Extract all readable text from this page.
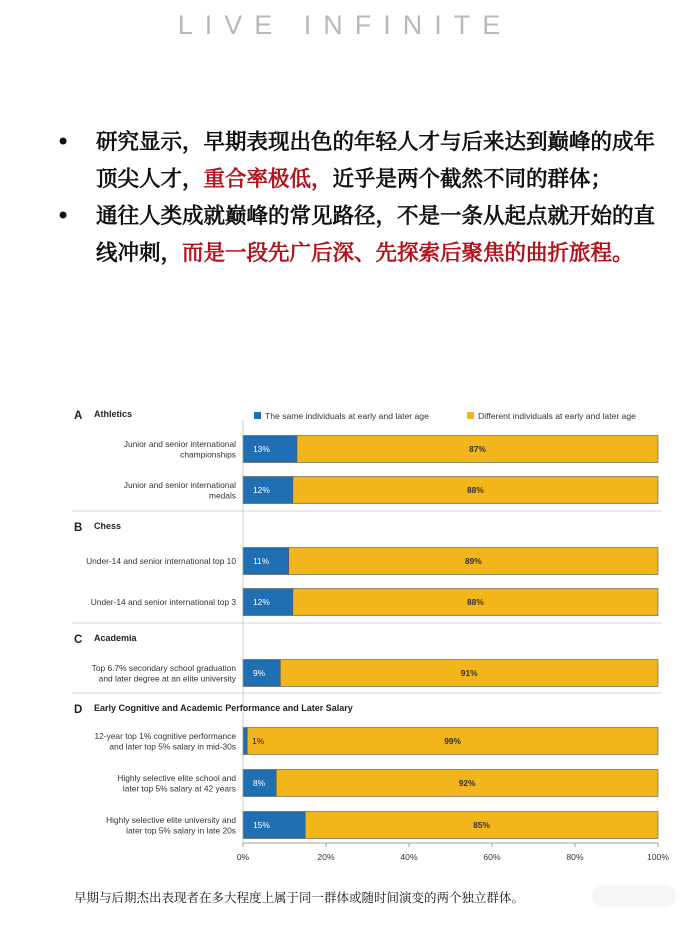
LIVE INFINITE
•	研究显示，早期表现出色的年轻人才与后来达到巅峰的成年顶尖人才，重合率极低，近乎是两个截然不同的群体；
•	通往人类成就巅峰的常见路径，不是一条从起点就开始的直线冲刺，而是一段先广后深、先探索后聚焦的曲折旅程。
The same individuals at early and later age	Different individuals at early and later age
A Athletics
Junior and senior international
championships
13%	87%
Junior and senior international
medals
12%	88%
B Chess
Under-14 and senior international top 10 11%	89%
Under-14 and senior international top 3 12%	88%
C Academia
Top 6.7% secondary school graduation
and later degree at an elite university
9%	91%
D Early Cognitive and Academic Performance and Later Salary
12-year top 1% cognitive performance
and later top 5% salary in mid-30s
1%	99%
Highly selective elite school and
later top 5% salary at 42 years
8%	92%
Highly selective elite university and
later top 5% salary in late 20s
15%	85%
0%	20%	40%	60%	80%	100%
早期与后期杰出表现者在多大程度上属于同一群体或随时间演变的两个独立群体。
